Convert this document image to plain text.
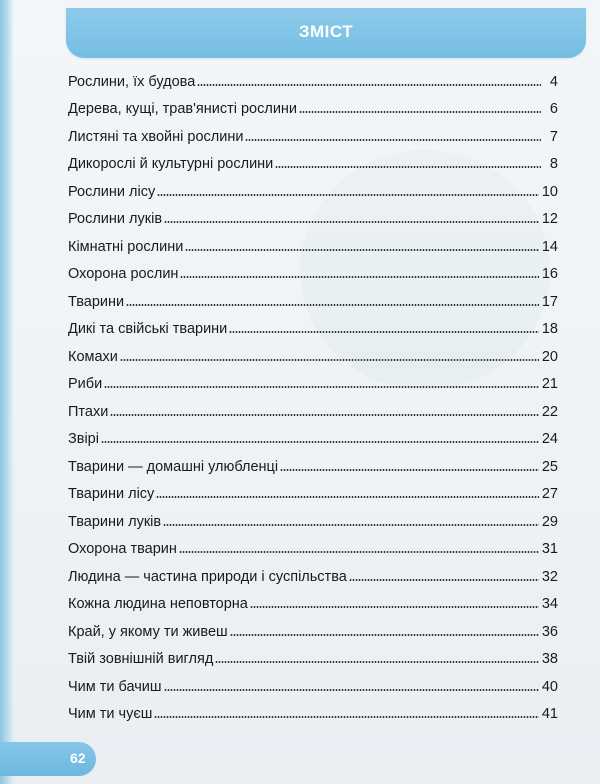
ЗМІСТ
Рослини, їх будова	4
Дерева, кущі, трав'янисті рослини	6
Листяні та хвойні рослини	7
Дикорослі й культурні рослини	8
Рослини лісу	10
Рослини луків	12
Кімнатні рослини	14
Охорона рослин	16
Тварини	17
Дикі та свійські тварини	18
Комахи	20
Риби	21
Птахи	22
Звірі	24
Тварини — домашні улюбленці	25
Тварини лісу	27
Тварини луків	29
Охорона тварин	31
Людина — частина природи і суспільства	32
Кожна людина неповторна	34
Край, у якому ти живеш	36
Твій зовнішній вигляд	38
Чим ти бачиш	40
Чим ти чуєш	41
62
